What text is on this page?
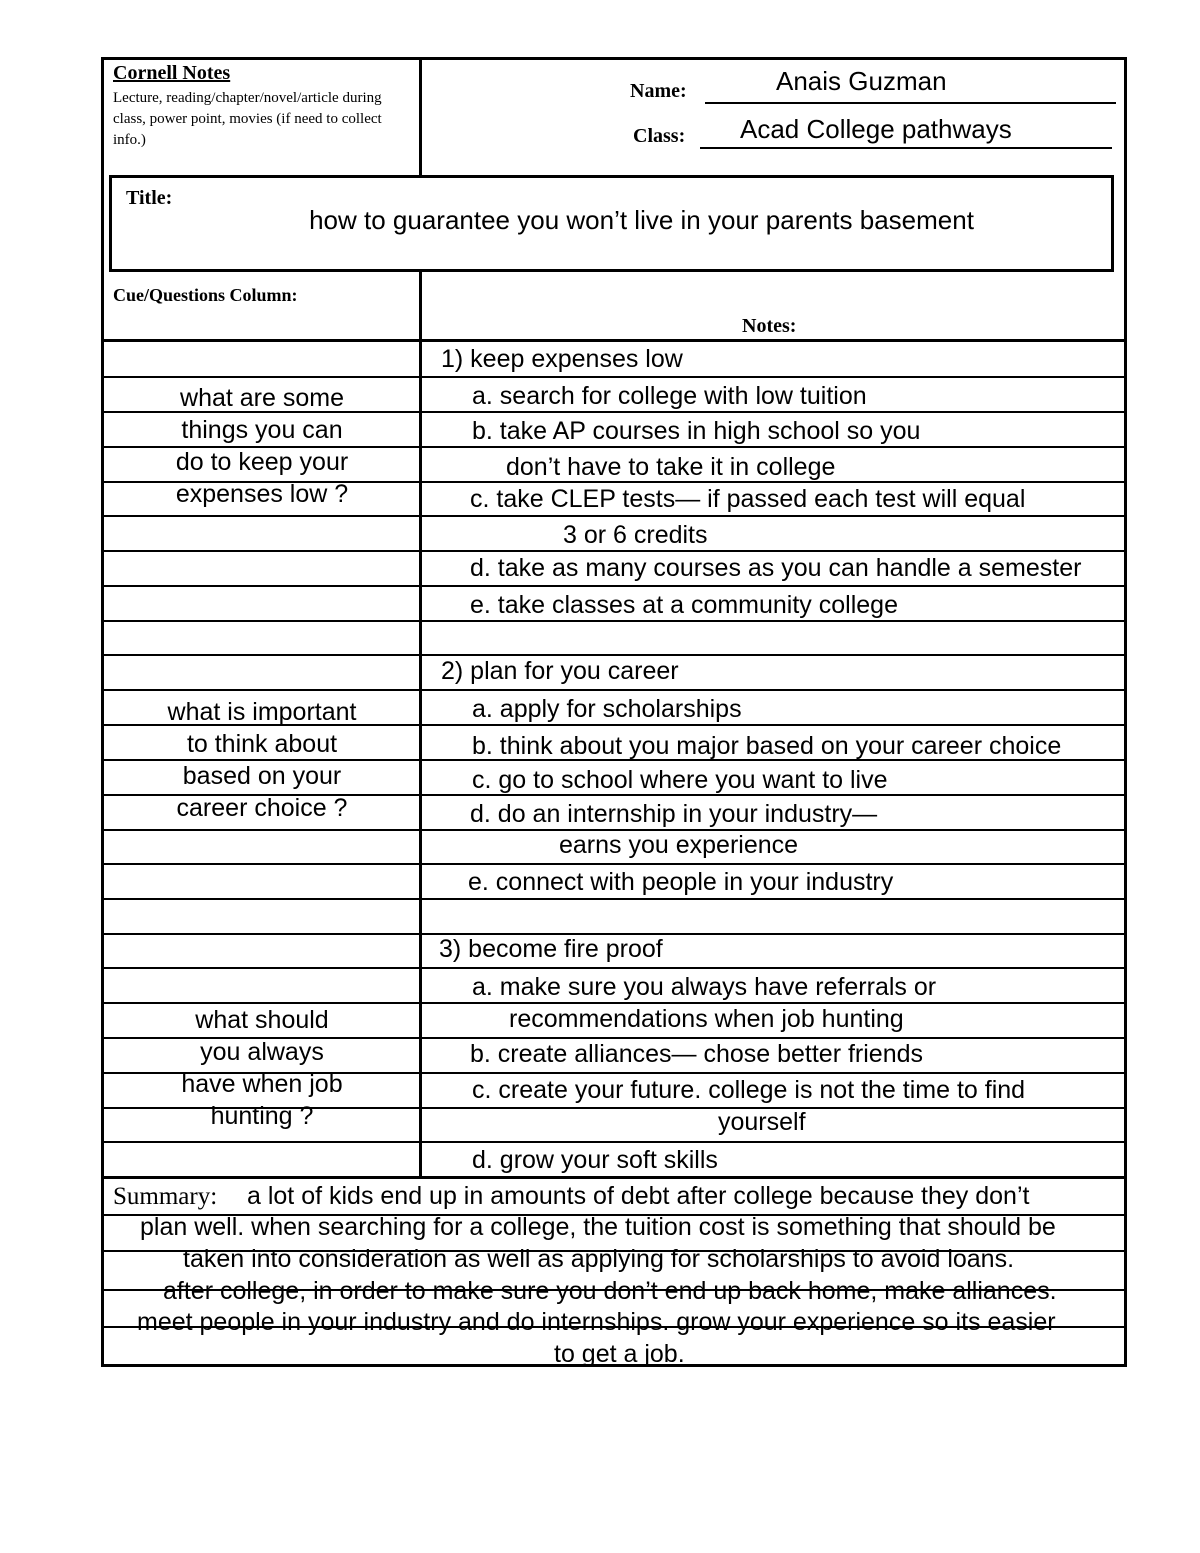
Cornell Notes
Lecture, reading/chapter/novel/article during class, power point, movies (if need to collect info.)
Name:	Anais Guzman
Class: Acad College pathways
Title:
how to guarantee you won’t live in your parents basement
Cue/Questions Column:
Notes:
what are some things you can do to keep your expenses low ?
what is important to think about based on your career choice ?
what should you always have when job hunting ?
1) keep expenses low
a. search for college with low tuition
b. take AP courses in high school so you
don’t have to take it in college
c. take CLEP tests— if passed each test will equal
3 or 6 credits
d. take as many courses as you can handle a semester
e. take classes at a community college
2) plan for you career
a. apply for scholarships
b. think about you major based on your career choice
c. go to school where you want to live
d. do an internship in your industry—
earns you experience
e. connect with people in your industry
3) become fire proof
a. make sure you always have referrals or
recommendations when job hunting
b. create alliances— chose better friends
c. create your future. college is not the time to find
yourself
d. grow your soft skills
Summary: a lot of kids end up in amounts of debt after college because they don’t
plan well. when searching for a college, the tuition cost is something that should be
taken into consideration as well as applying for scholarships to avoid loans.
after college, in order to make sure you don’t end up back home, make alliances.
meet people in your industry and do internships. grow your experience so its easier
to get a job.
